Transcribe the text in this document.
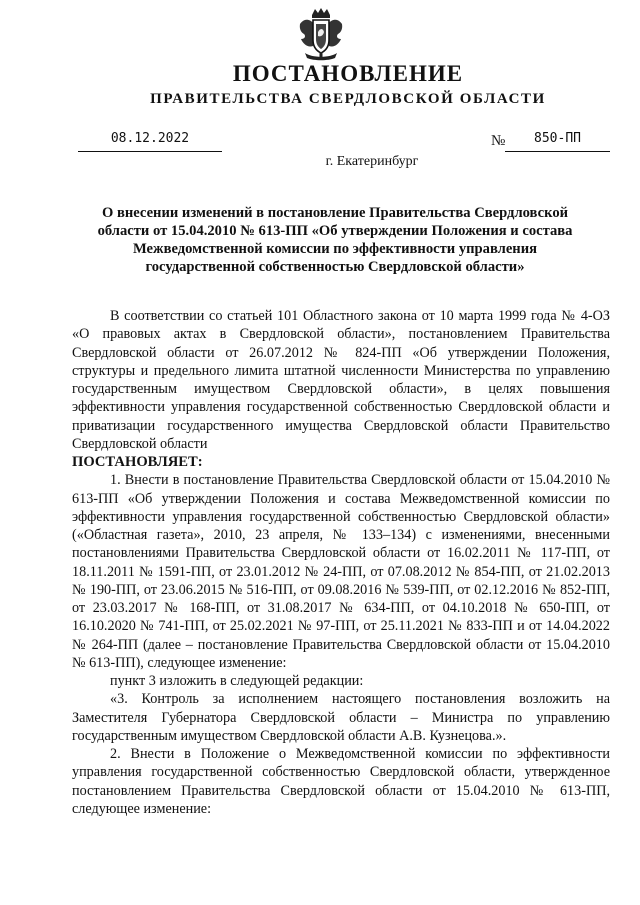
ПОСТАНОВЛЕНИЕ
ПРАВИТЕЛЬСТВА СВЕРДЛОВСКОЙ ОБЛАСТИ
08.12.2022	№	850-ПП
г. Екатеринбург
О внесении изменений в постановление Правительства Свердловской области от 15.04.2010 № 613-ПП «Об утверждении Положения и состава Межведомственной комиссии по эффективности управления государственной собственностью Свердловской области»

В соответствии со статьей 101 Областного закона от 10 марта 1999 года № 4-ОЗ «О правовых актах в Свердловской области», постановлением Правительства Свердловской области от 26.07.2012 № 824-ПП «Об утверждении Положения, структуры и предельного лимита штатной численности Министерства по управлению государственным имуществом Свердловской области», в целях повышения эффективности управления государственной собственностью Свердловской области и приватизации государственного имущества Свердловской области Правительство Свердловской области

ПОСТАНОВЛЯЕТ:

1. Внести в постановление Правительства Свердловской области от 15.04.2010 № 613-ПП «Об утверждении Положения и состава Межведомственной комиссии по эффективности управления государственной собственностью Свердловской области» («Областная газета», 2010, 23 апреля, № 133–134) с изменениями, внесенными постановлениями Правительства Свердловской области от 16.02.2011 № 117-ПП, от 18.11.2011 № 1591-ПП, от 23.01.2012 № 24-ПП, от 07.08.2012 № 854-ПП, от 21.02.2013 № 190-ПП, от 23.06.2015 № 516-ПП, от 09.08.2016 № 539-ПП, от 02.12.2016 № 852-ПП, от 23.03.2017 № 168-ПП, от 31.08.2017 № 634-ПП, от 04.10.2018 № 650-ПП, от 16.10.2020 № 741-ПП, от 25.02.2021 № 97-ПП, от 25.11.2021 № 833-ПП и от 14.04.2022 № 264-ПП (далее – постановление Правительства Свердловской области от 15.04.2010 № 613-ПП), следующее изменение:

пункт 3 изложить в следующей редакции:

«3. Контроль за исполнением настоящего постановления возложить на Заместителя Губернатора Свердловской области – Министра по управлению государственным имуществом Свердловской области А.В. Кузнецова.».

2. Внести в Положение о Межведомственной комиссии по эффективности управления государственной собственностью Свердловской области, утвержденное постановлением Правительства Свердловской области от 15.04.2010 № 613-ПП, следующее изменение:
